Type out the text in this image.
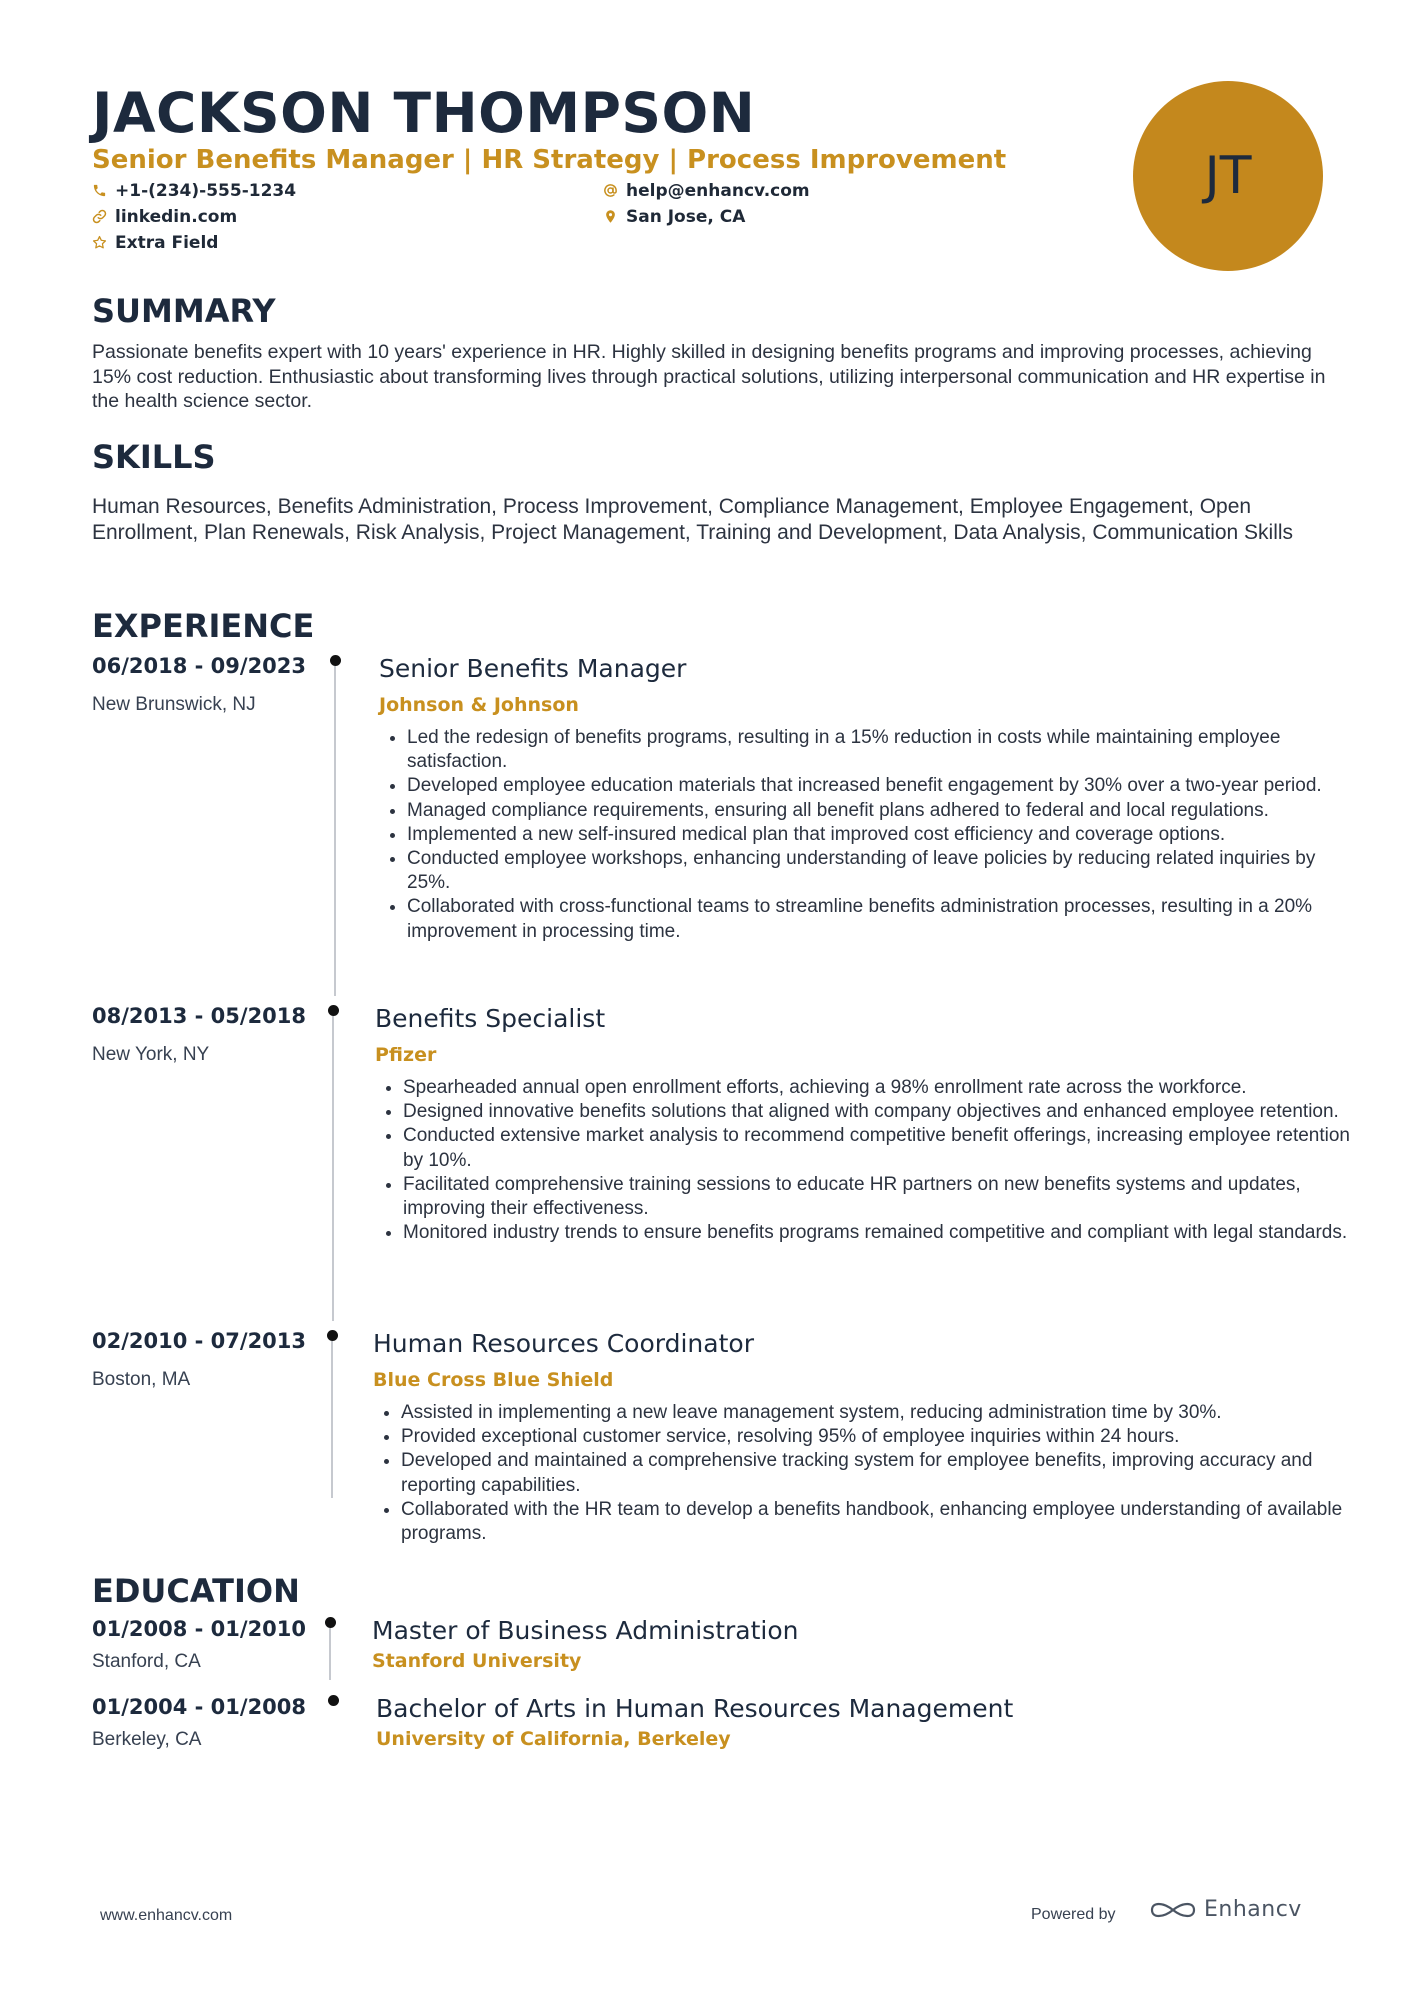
JACKSON THOMPSON
Senior Benefits Manager | HR Strategy | Process Improvement
+1-(234)-555-1234	help@enhancv.com
linkedin.com	San Jose, CA
Extra Field
JT
SUMMARY

Passionate benefits expert with 10 years' experience in HR. Highly skilled in designing benefits programs and improving processes, achieving 15% cost reduction. Enthusiastic about transforming lives through practical solutions, utilizing interpersonal communication and HR expertise in the health science sector.

SKILLS

Human Resources, Benefits Administration, Process Improvement, Compliance Management, Employee Engagement, Open Enrollment, Plan Renewals, Risk Analysis, Project Management, Training and Development, Data Analysis, Communication Skills

EXPERIENCE
06/2018 - 09/2023
New Brunswick, NJ
Senior Benefits Manager
Johnson & Johnson
• Led the redesign of benefits programs, resulting in a 15% reduction in costs while maintaining employee satisfaction.
• Developed employee education materials that increased benefit engagement by 30% over a two-year period.
• Managed compliance requirements, ensuring all benefit plans adhered to federal and local regulations.
• Implemented a new self-insured medical plan that improved cost efficiency and coverage options.
• Conducted employee workshops, enhancing understanding of leave policies by reducing related inquiries by 25%.
• Collaborated with cross-functional teams to streamline benefits administration processes, resulting in a 20% improvement in processing time.
08/2013 - 05/2018
New York, NY
Benefits Specialist
Pfizer
• Spearheaded annual open enrollment efforts, achieving a 98% enrollment rate across the workforce.
• Designed innovative benefits solutions that aligned with company objectives and enhanced employee retention.
• Conducted extensive market analysis to recommend competitive benefit offerings, increasing employee retention by 10%.
• Facilitated comprehensive training sessions to educate HR partners on new benefits systems and updates, improving their effectiveness.
• Monitored industry trends to ensure benefits programs remained competitive and compliant with legal standards.
02/2010 - 07/2013
Boston, MA
Human Resources Coordinator
Blue Cross Blue Shield
• Assisted in implementing a new leave management system, reducing administration time by 30%.
• Provided exceptional customer service, resolving 95% of employee inquiries within 24 hours.
• Developed and maintained a comprehensive tracking system for employee benefits, improving accuracy and reporting capabilities.
• Collaborated with the HR team to develop a benefits handbook, enhancing employee understanding of available programs.
EDUCATION
01/2008 - 01/2010
Stanford, CA
Master of Business Administration
Stanford University
01/2004 - 01/2008
Berkeley, CA
Bachelor of Arts in Human Resources Management
University of California, Berkeley
www.enhancv.com	Powered by	Enhancv
